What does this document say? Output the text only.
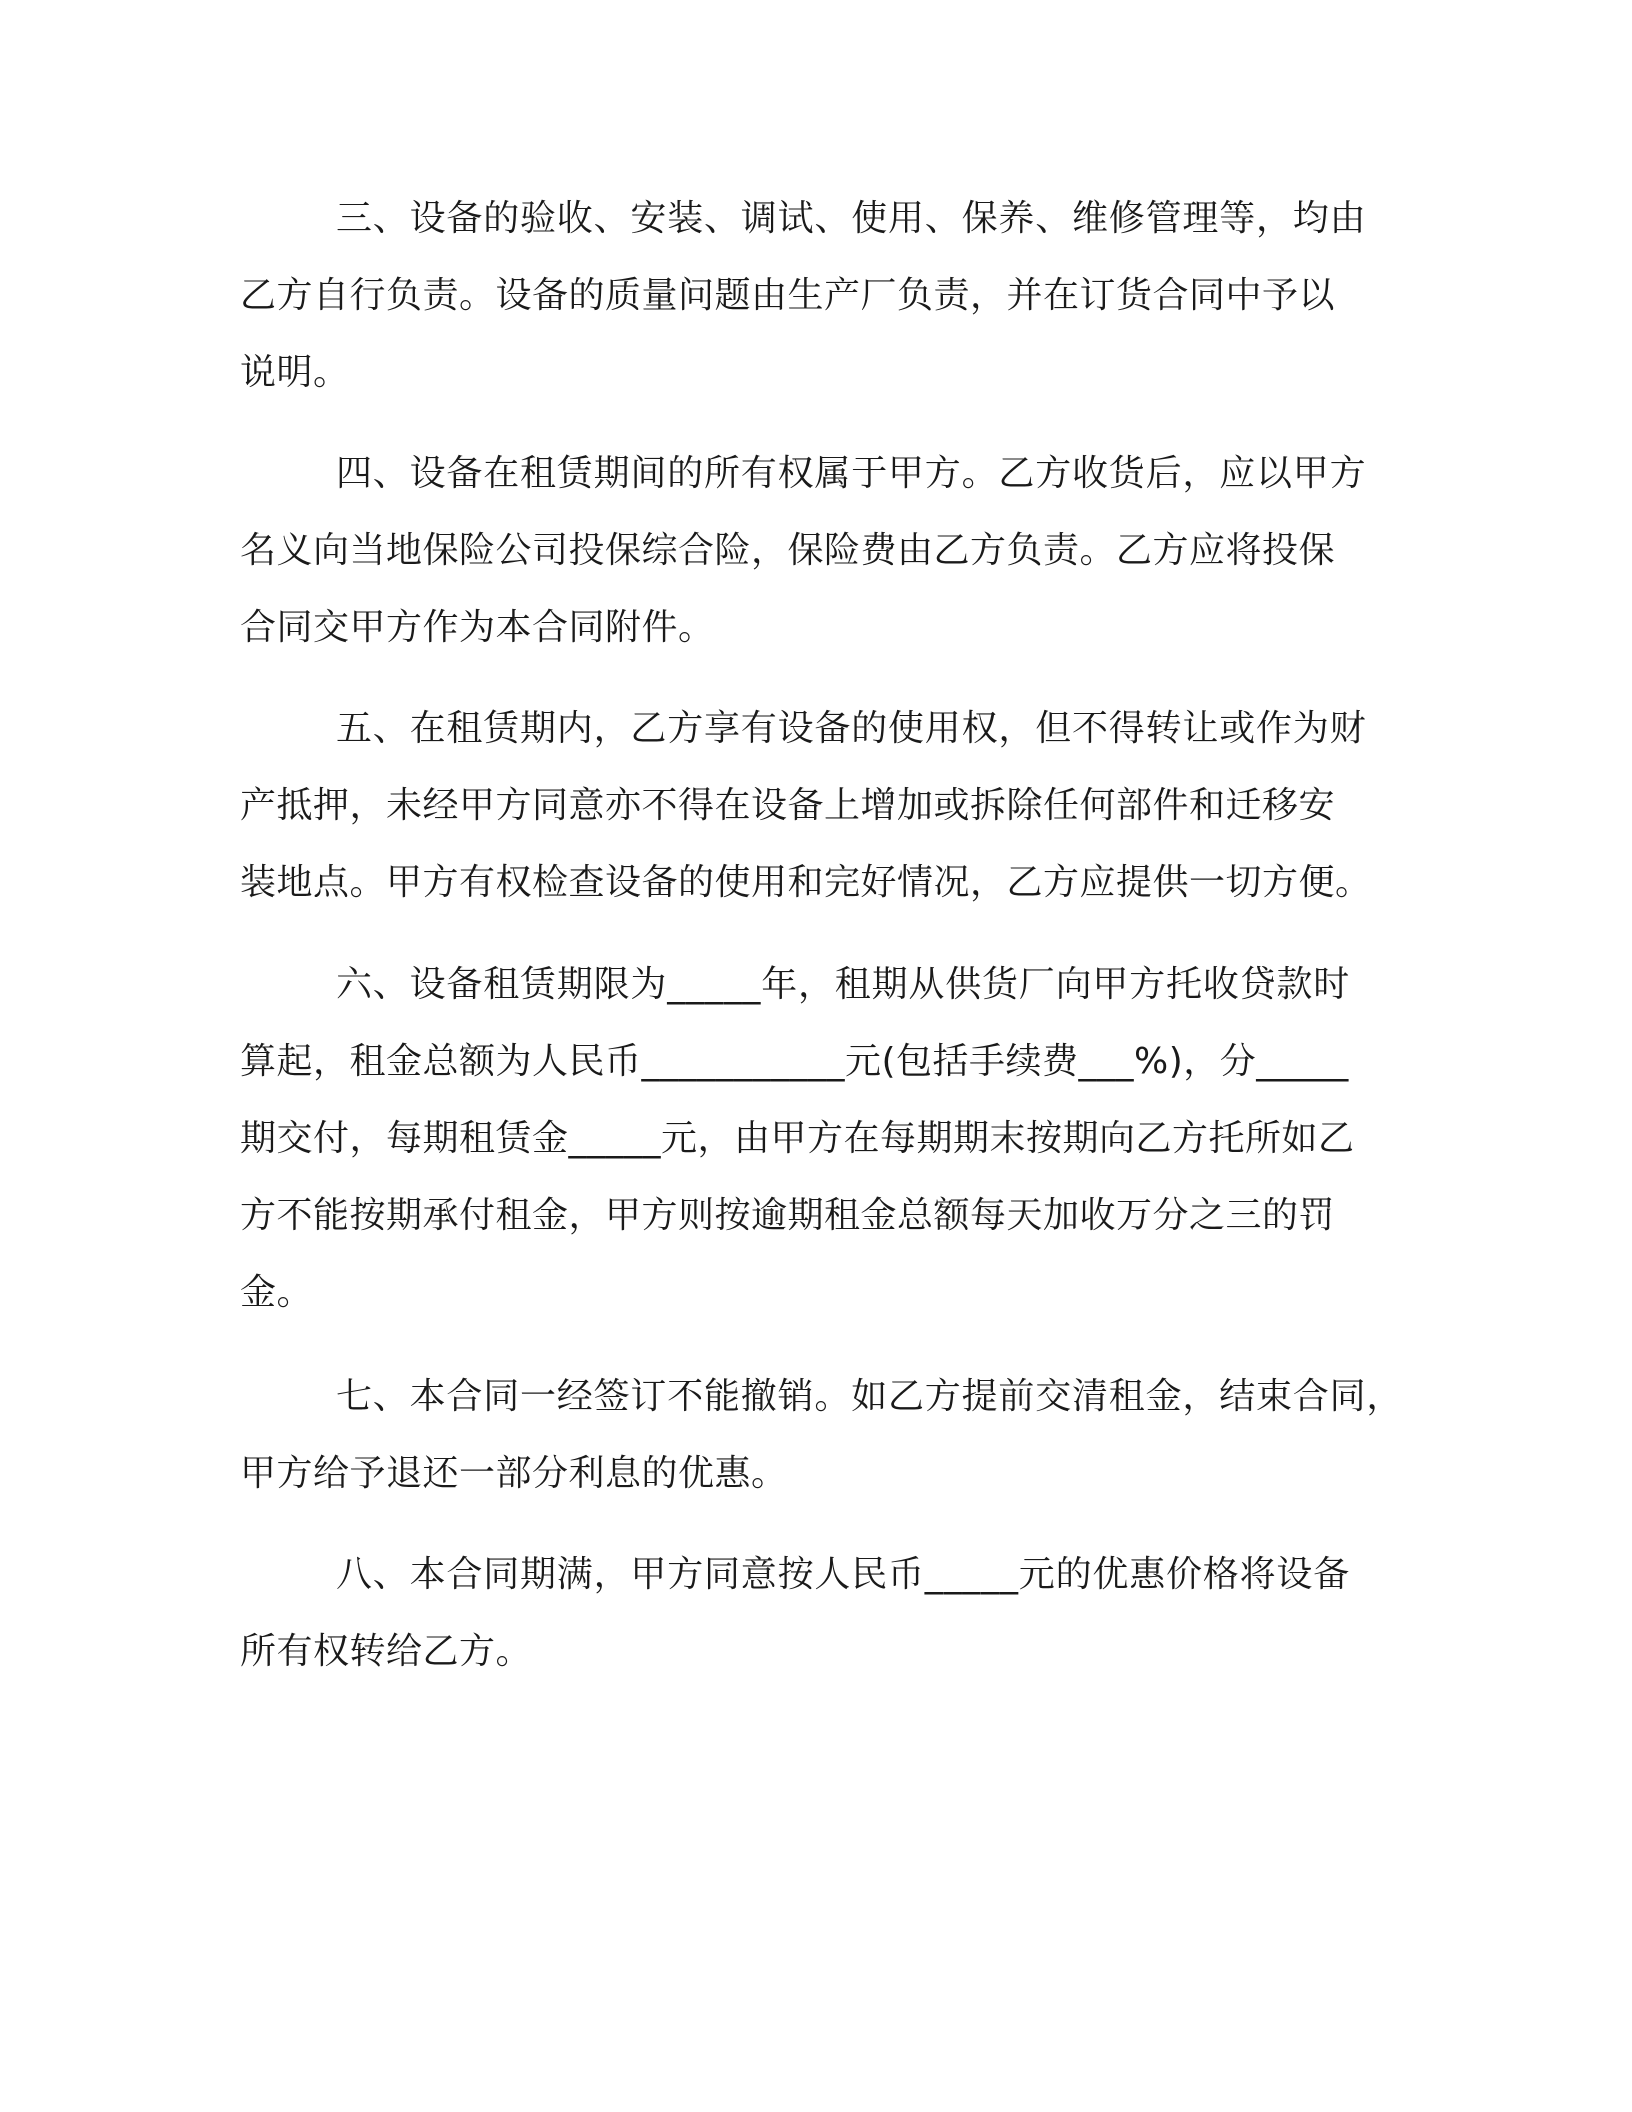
三、设备的验收、安装、调试、使用、保养、维修管理等，均由
乙方自行负责。设备的质量问题由生产厂负责，并在订货合同中予以
说明。
四、设备在租赁期间的所有权属于甲方。乙方收货后，应以甲方
名义向当地保险公司投保综合险，保险费由乙方负责。乙方应将投保
合同交甲方作为本合同附件。
五、在租赁期内，乙方享有设备的使用权，但不得转让或作为财
产抵押，未经甲方同意亦不得在设备上增加或拆除任何部件和迁移安
装地点。甲方有权检查设备的使用和完好情况，乙方应提供一切方便。
六、设备租赁期限为_____年，租期从供货厂向甲方托收贷款时
算起，租金总额为人民币___________元(包括手续费___%)，分_____
期交付，每期租赁金_____元，由甲方在每期期末按期向乙方托所如乙
方不能按期承付租金，甲方则按逾期租金总额每天加收万分之三的罚
金。
七、本合同一经签订不能撤销。如乙方提前交清租金，结束合同，
甲方给予退还一部分利息的优惠。
八、本合同期满，甲方同意按人民币_____元的优惠价格将设备
所有权转给乙方。
